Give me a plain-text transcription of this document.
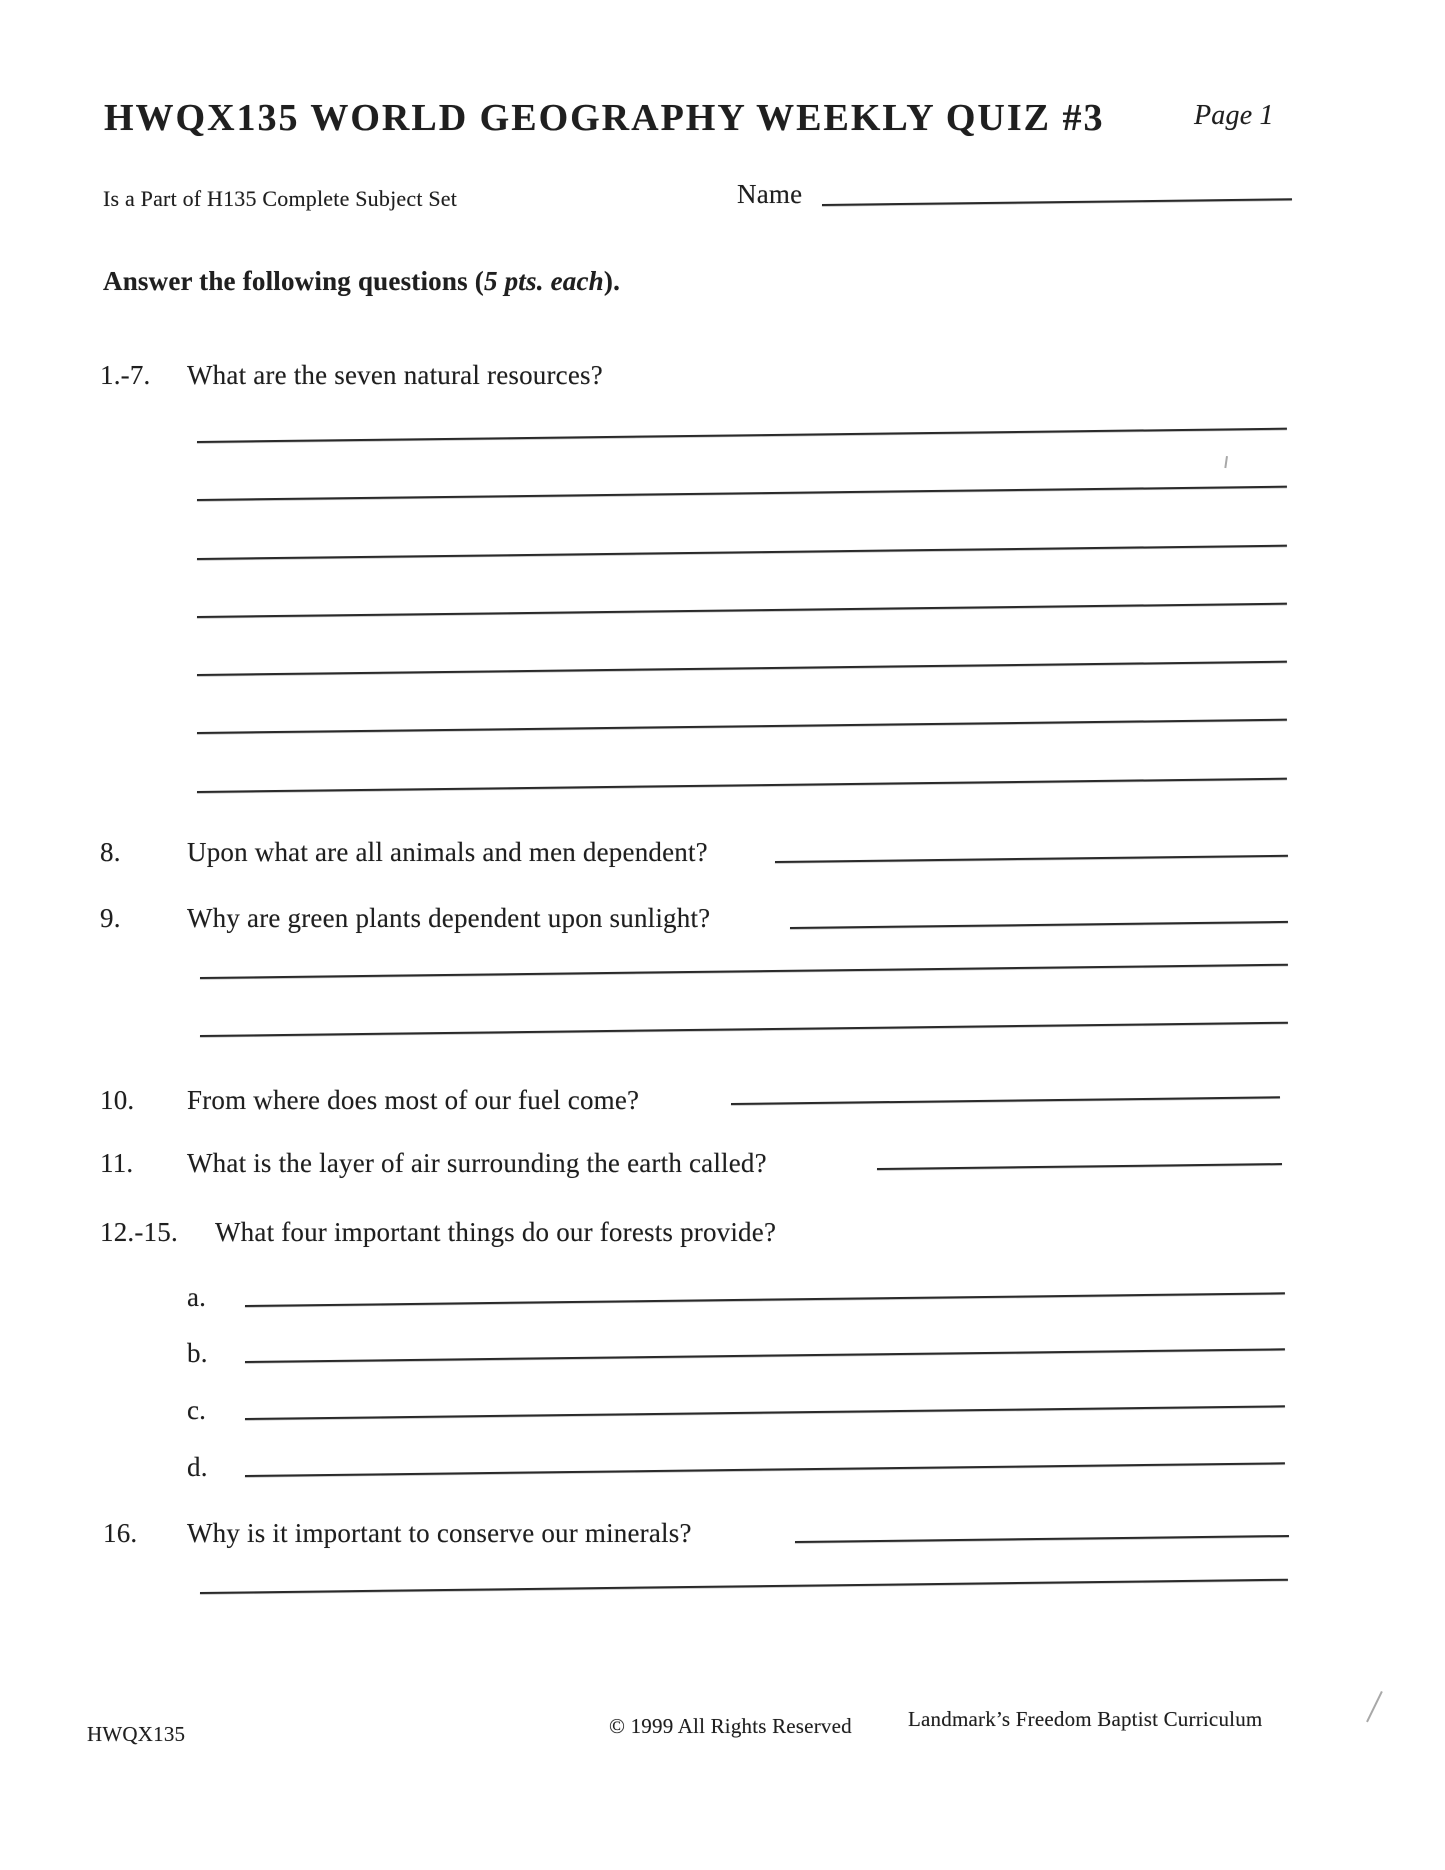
HWQX135 WORLD GEOGRAPHY WEEKLY QUIZ #3	Page 1
Is a Part of H135 Complete Subject Set	Name
Answer the following questions (5 pts. each).
1.-7. What are the seven natural resources?
8. Upon what are all animals and men dependent?
9. Why are green plants dependent upon sunlight?
10. From where does most of our fuel come?
11. What is the layer of air surrounding the earth called?
12.-15. What four important things do our forests provide?
a.
b.
c.
d.
16. Why is it important to conserve our minerals?
HWQX135	© 1999 All Rights Reserved	Landmark’s Freedom Baptist Curriculum
